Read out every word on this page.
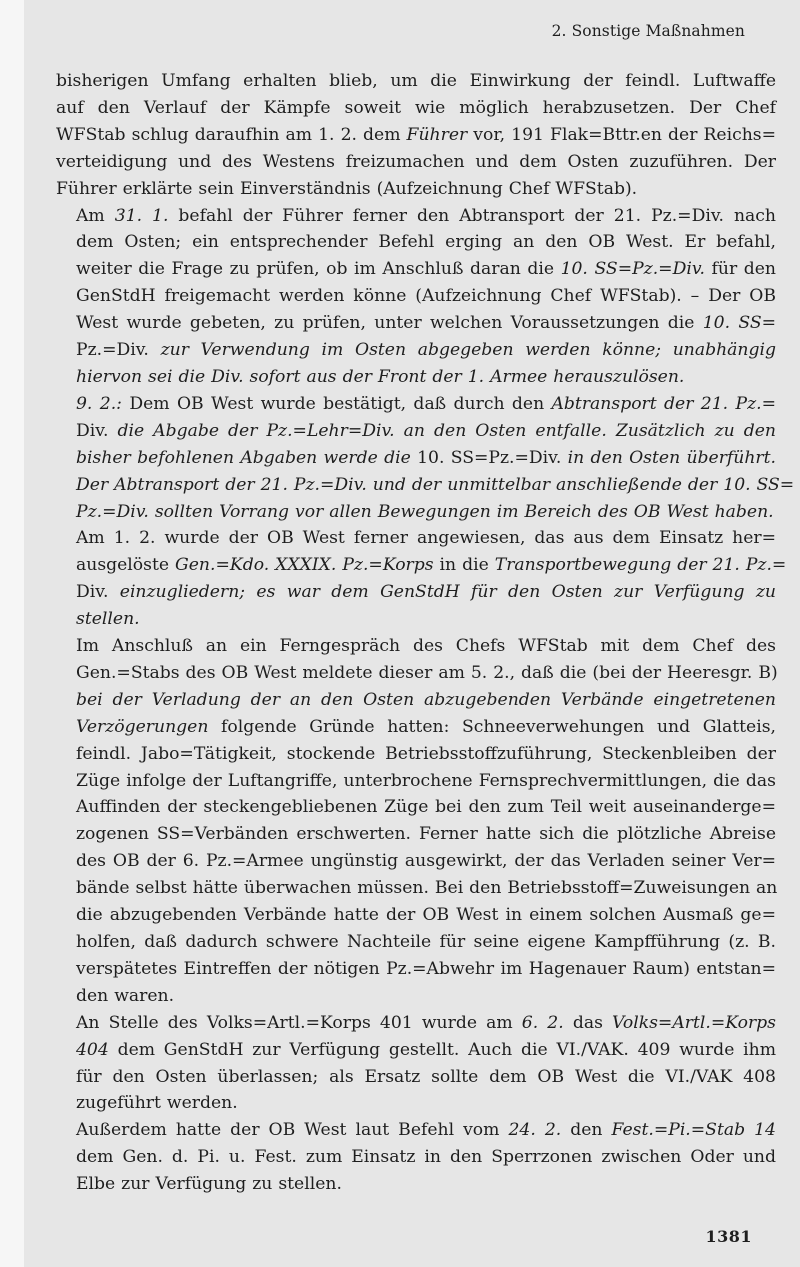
2. Sonstige Maßnahmen

bisherigen Umfang erhalten blieb, um die Einwirkung der feindl. Luftwaffe
auf den Verlauf der Kämpfe soweit wie möglich herabzusetzen. Der Chef
WFStab schlug daraufhin am 1. 2. dem Führer vor, 191 Flak=Bttr.en der Reichs=
verteidigung und des Westens freizumachen und dem Osten zuzuführen. Der
Führer erklärte sein Einverständnis (Aufzeichnung Chef WFStab).

Am 31. 1. befahl der Führer ferner den Abtransport der 21. Pz.=Div. nach
dem Osten; ein entsprechender Befehl erging an den OB West. Er befahl,
weiter die Frage zu prüfen, ob im Anschluß daran die 10. SS=Pz.=Div. für den
GenStdH freigemacht werden könne (Aufzeichnung Chef WFStab). – Der OB
West wurde gebeten, zu prüfen, unter welchen Voraussetzungen die 10. SS=
Pz.=Div. zur Verwendung im Osten abgegeben werden könne; unabhängig
hiervon sei die Div. sofort aus der Front der 1. Armee herauszulösen.

9. 2.: Dem OB West wurde bestätigt, daß durch den Abtransport der 21. Pz.=
Div. die Abgabe der Pz.=Lehr=Div. an den Osten entfalle. Zusätzlich zu den
bisher befohlenen Abgaben werde die 10. SS=Pz.=Div. in den Osten überführt.
Der Abtransport der 21. Pz.=Div. und der unmittelbar anschließende der 10. SS=
Pz.=Div. sollten Vorrang vor allen Bewegungen im Bereich des OB West haben.

Am 1. 2. wurde der OB West ferner angewiesen, das aus dem Einsatz her=
ausgelöste Gen.=Kdo. XXXIX. Pz.=Korps in die Transportbewegung der 21. Pz.=
Div. einzugliedern; es war dem GenStdH für den Osten zur Verfügung zu
stellen.

Im Anschluß an ein Ferngespräch des Chefs WFStab mit dem Chef des
Gen.=Stabs des OB West meldete dieser am 5. 2., daß die (bei der Heeresgr. B)
bei der Verladung der an den Osten abzugebenden Verbände eingetretenen
Verzögerungen folgende Gründe hatten: Schneeverwehungen und Glatteis,
feindl. Jabo=Tätigkeit, stockende Betriebsstoffzuführung, Steckenbleiben der
Züge infolge der Luftangriffe, unterbrochene Fernsprechvermittlungen, die das
Auffinden der steckengebliebenen Züge bei den zum Teil weit auseinanderge=
zogenen SS=Verbänden erschwerten. Ferner hatte sich die plötzliche Abreise
des OB der 6. Pz.=Armee ungünstig ausgewirkt, der das Verladen seiner Ver=
bände selbst hätte überwachen müssen. Bei den Betriebsstoff=Zuweisungen an
die abzugebenden Verbände hatte der OB West in einem solchen Ausmaß ge=
holfen, daß dadurch schwere Nachteile für seine eigene Kampfführung (z. B.
verspätetes Eintreffen der nötigen Pz.=Abwehr im Hagenauer Raum) entstan=
den waren.

An Stelle des Volks=Artl.=Korps 401 wurde am 6. 2. das Volks=Artl.=Korps
404 dem GenStdH zur Verfügung gestellt. Auch die VI./VAK. 409 wurde ihm
für den Osten überlassen; als Ersatz sollte dem OB West die VI./VAK 408
zugeführt werden.

Außerdem hatte der OB West laut Befehl vom 24. 2. den Fest.=Pi.=Stab 14
dem Gen. d. Pi. u. Fest. zum Einsatz in den Sperrzonen zwischen Oder und
Elbe zur Verfügung zu stellen.

1381
